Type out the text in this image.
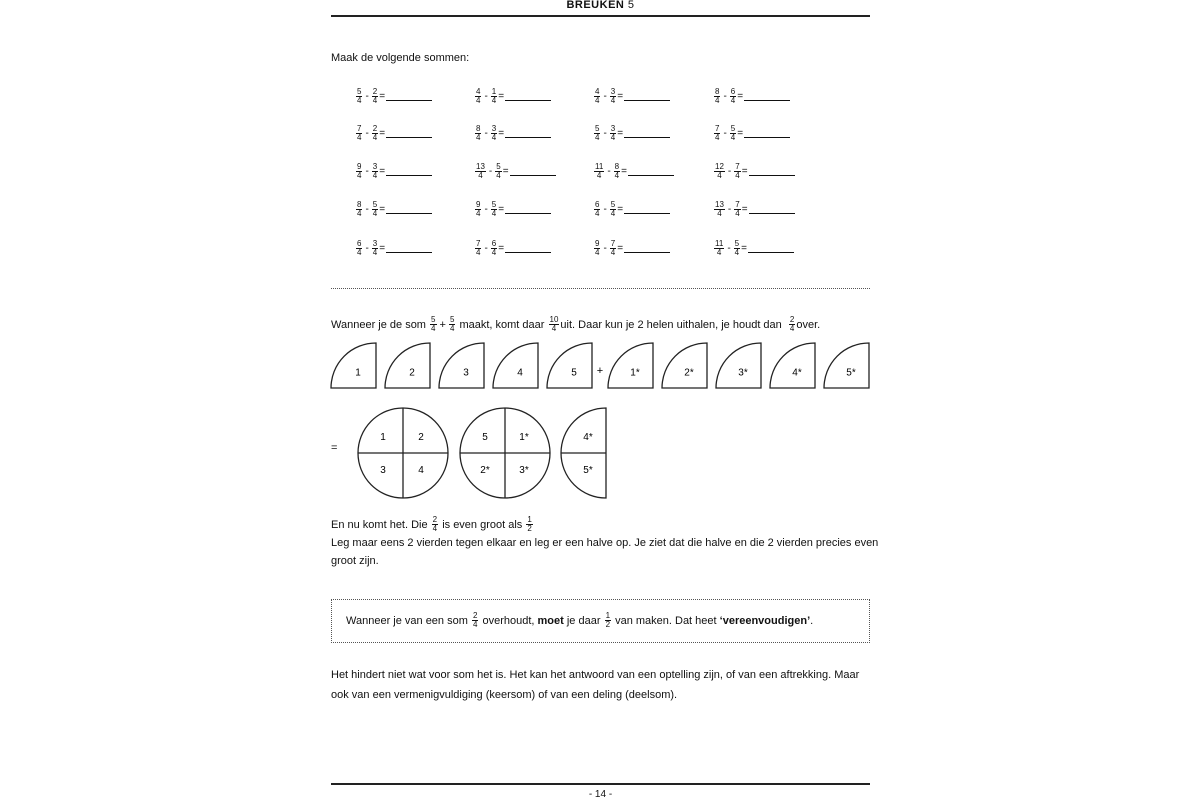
BREUKEN 5
Maak de volgende sommen:
$\frac{5}{4} - \frac{2}{4}$ =	$\frac{4}{4} - \frac{1}{4}$ =	$\frac{4}{4} - \frac{3}{4}$ =	$\frac{8}{4} - \frac{6}{4}$ =
$\frac{7}{4} - \frac{2}{4}$ =	$\frac{8}{4} - \frac{3}{4}$ =	$\frac{5}{4} - \frac{3}{4}$ =	$\frac{7}{4} - \frac{5}{4}$ =
$\frac{9}{4} - \frac{3}{4}$ =	$\frac{13}{4} - \frac{5}{4}$ =	$\frac{11}{4} - \frac{8}{4}$ =	$\frac{12}{4} - \frac{7}{4}$ =
$\frac{8}{4} - \frac{5}{4}$ =	$\frac{9}{4} - \frac{5}{4}$ =	$\frac{6}{4} - \frac{5}{4}$ =	$\frac{13}{4} - \frac{7}{4}$ =
$\frac{6}{4} - \frac{3}{4}$ =	$\frac{7}{4} - \frac{6}{4}$ =	$\frac{9}{4} - \frac{7}{4}$ =	$\frac{11}{4} - \frac{5}{4}$ =
Wanneer je de som
$\frac{5}{4} + \frac{5}{4}$
maakt, komt daar
$\frac{10}{4}$ uit. Daar kun je 2 helen uithalen, je houdt dan
$\frac{2}{4}$ over.
1	2	3	4	5	1*	2*	3*	4*	5*
+
=
1	2
3	4
5	1*
2*	3*
4*
5*
En nu komt het. Die
$\frac{2}{4}$
is even groot als
$\frac{1}{2}$
Leg maar eens 2 vierden tegen elkaar en leg er een halve op. Je ziet dat die halve en die 2 vierden precies even
groot zijn.
Wanneer je van een som
$\frac{2}{4}$
overhoudt,
moet
je daar
$\frac{1}{2}$
van maken. Dat heet
‘vereenvoudigen’ .
Het hindert niet wat voor som het is. Het kan het antwoord van een optelling zijn, of van een aftrekking. Maar
ook van een vermenigvuldiging (keersom) of van een deling (deelsom).
- 14 -
